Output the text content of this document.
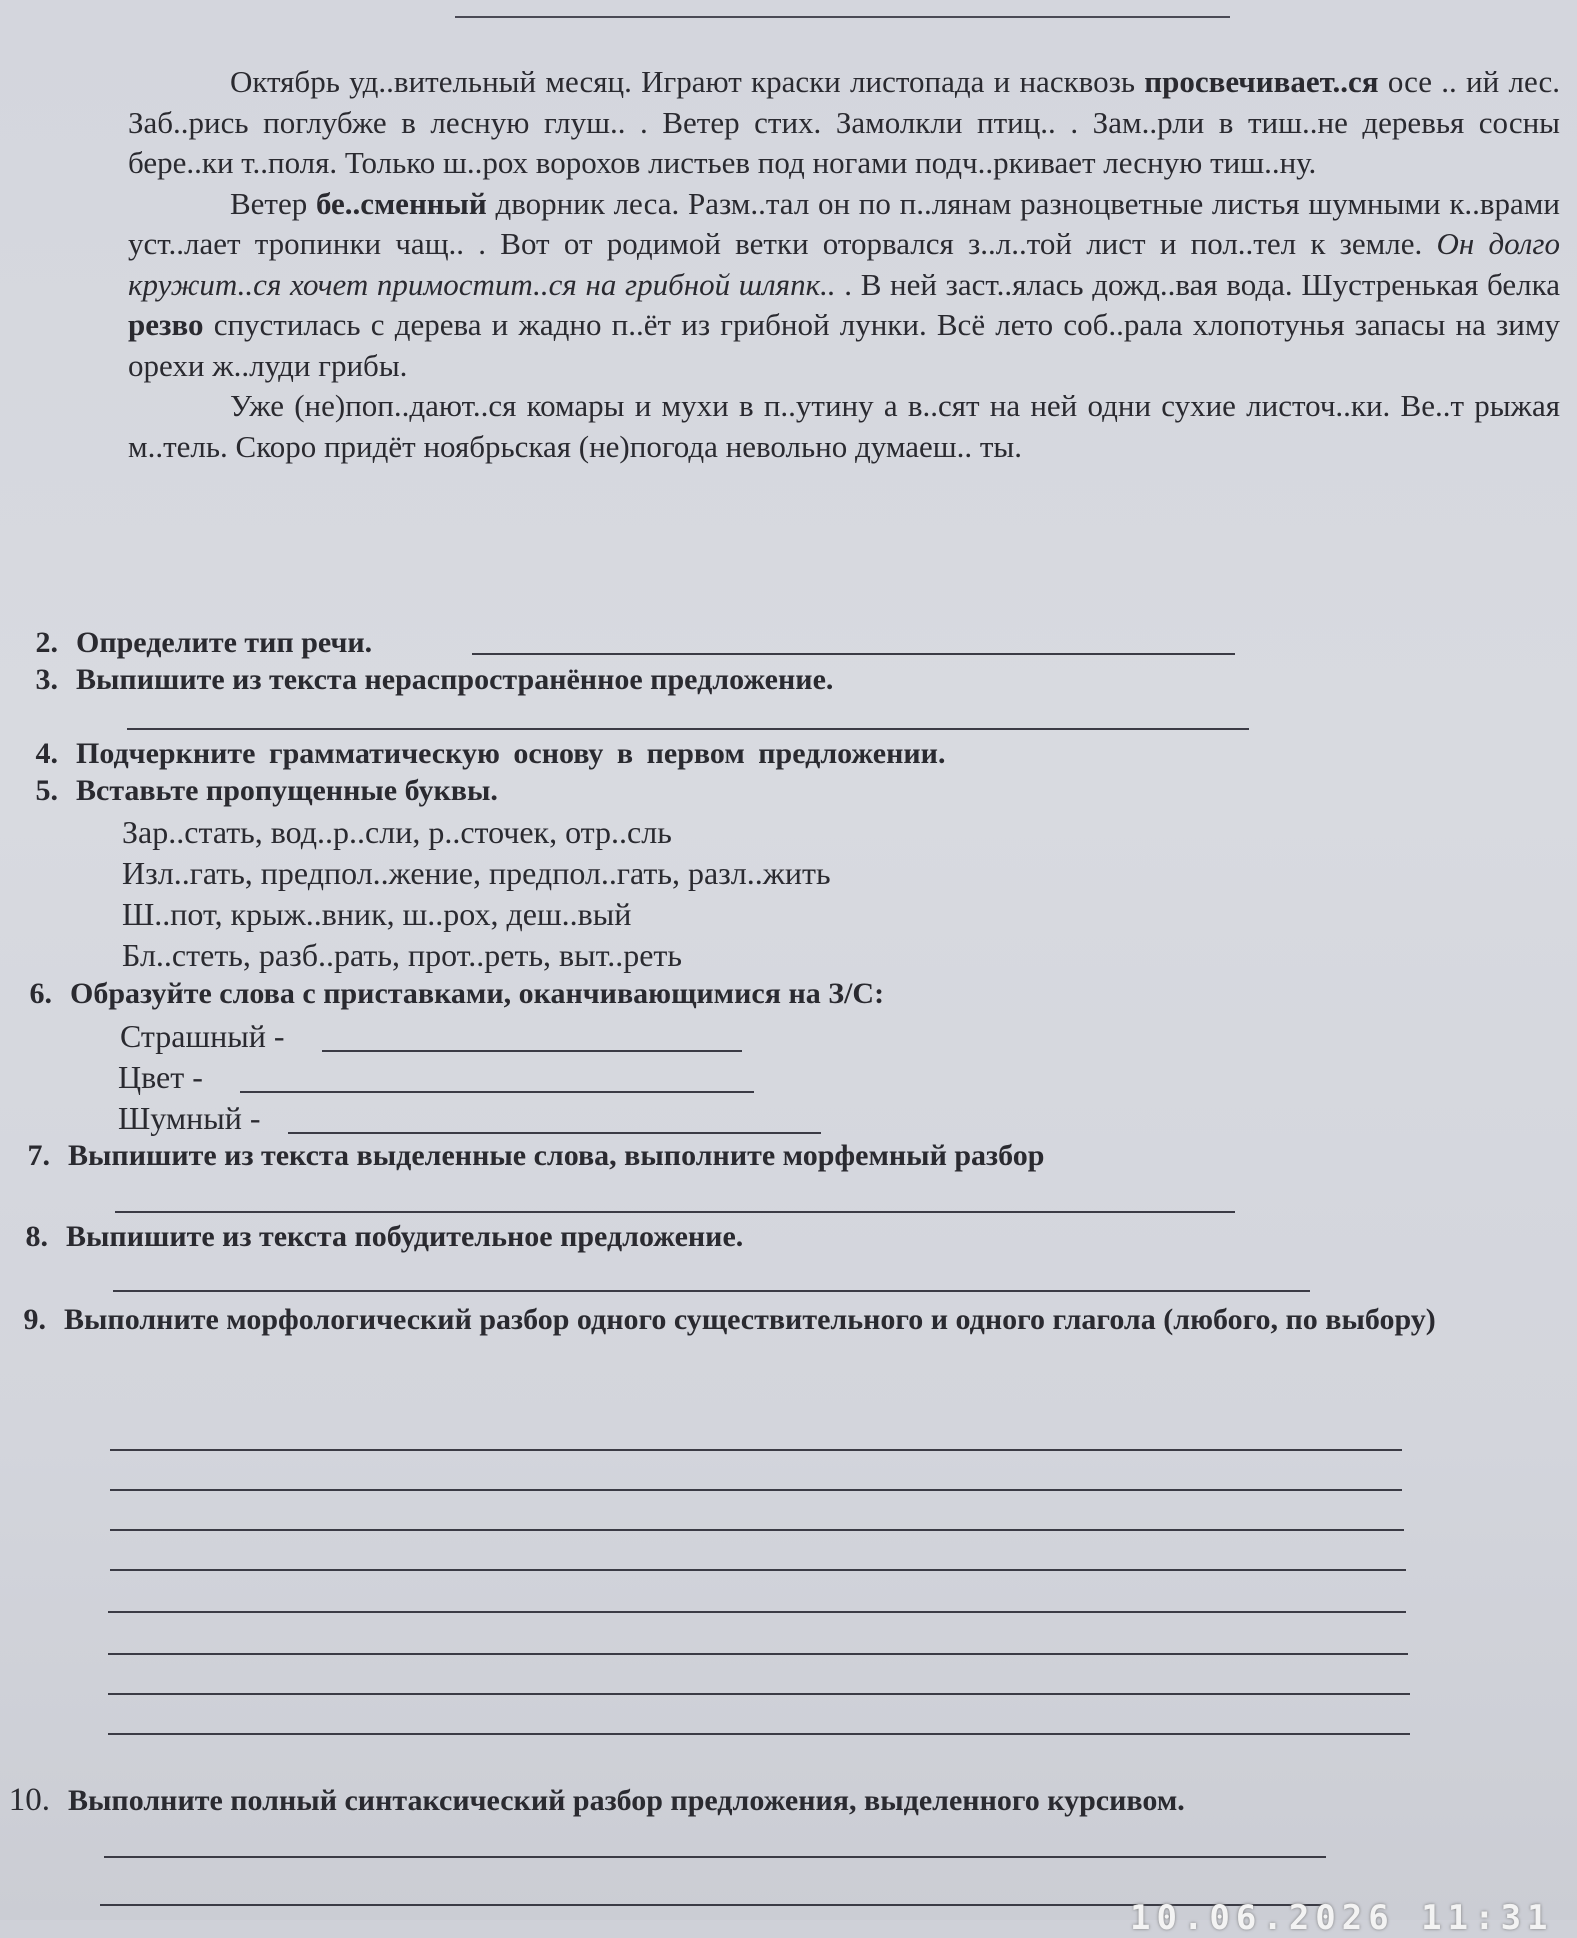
Октябрь уд..вительный месяц. Играют краски листопада и насквозь просвечивает..ся осе .. ий лес. Заб..рись поглубже в лесную глуш.. . Ветер стих. Замолкли птиц.. . Зам..рли в тиш..не деревья сосны бере..ки т..поля. Только ш..рох ворохов листьев под ногами подч..ркивает лесную тиш..ну.

Ветер бе..сменный дворник леса. Разм..тал он по п..лянам разноцветные листья шумными к..врами уст..лает тропинки чащ.. . Вот от родимой ветки оторвался з..л..той лист и пол..тел к земле. Он долго кружит..ся хочет примостит..ся на грибной шляпк.. . В ней заст..ялась дожд..вая вода. Шустренькая белка резво спустилась с дерева и жадно п..ёт из грибной лунки. Всё лето соб..рала хлопотунья запасы на зиму орехи ж..луди грибы.

Уже (не)поп..дают..ся комары и мухи в п..утину а в..сят на ней одни сухие листоч..ки. Ве..т рыжая м..тель. Скоро придёт ноябрьская (не)погода невольно думаеш.. ты.

2. Определите тип речи.
3. Выпишите из текста нераспространённое предложение.
4. Подчеркните грамматическую основу в первом предложении.
5. Вставьте пропущенные буквы.
Зар..стать, вод..р..сли, р..сточек, отр..сль
Изл..гать, предпол..жение, предпол..гать, разл..жить
Ш..пот, крыж..вник, ш..рох, деш..вый
Бл..стеть, разб..рать, прот..реть, выт..реть
6. Образуйте слова с приставками, оканчивающимися на З/С:
Страшный -
Цвет -
Шумный -
7. Выпишите из текста выделенные слова, выполните морфемный разбор
8. Выпишите из текста побудительное предложение.
9. Выполните морфологический разбор одного существительного и одного глагола (любого, по выбору)
10. Выполните полный синтаксический разбор предложения, выделенного курсивом.
10.06.2026 11:31
